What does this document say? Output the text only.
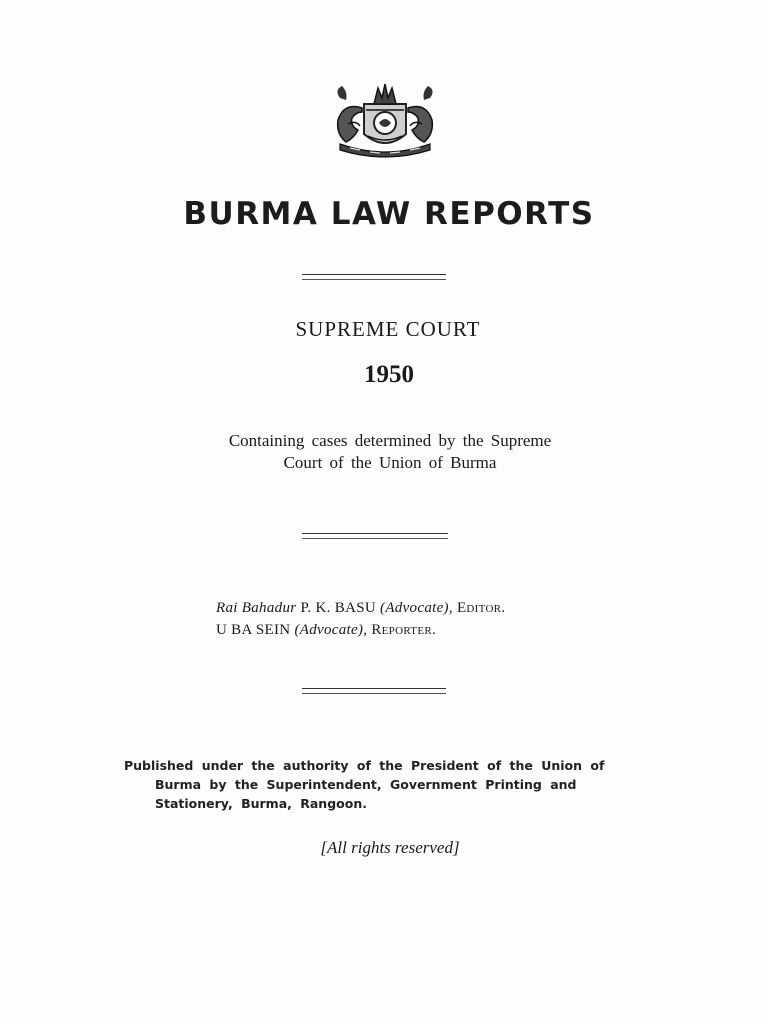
BURMA LAW REPORTS
SUPREME COURT
1950
Containing cases determined by the Supreme
Court of the Union of Burma
Rai Bahadur P. K. BASU (Advocate), Editor.
U BA SEIN (Advocate), Reporter.
Published under the authority of the President of the Union of
Burma by the Superintendent, Government Printing and
Stationery, Burma, Rangoon.
[All rights reserved]
